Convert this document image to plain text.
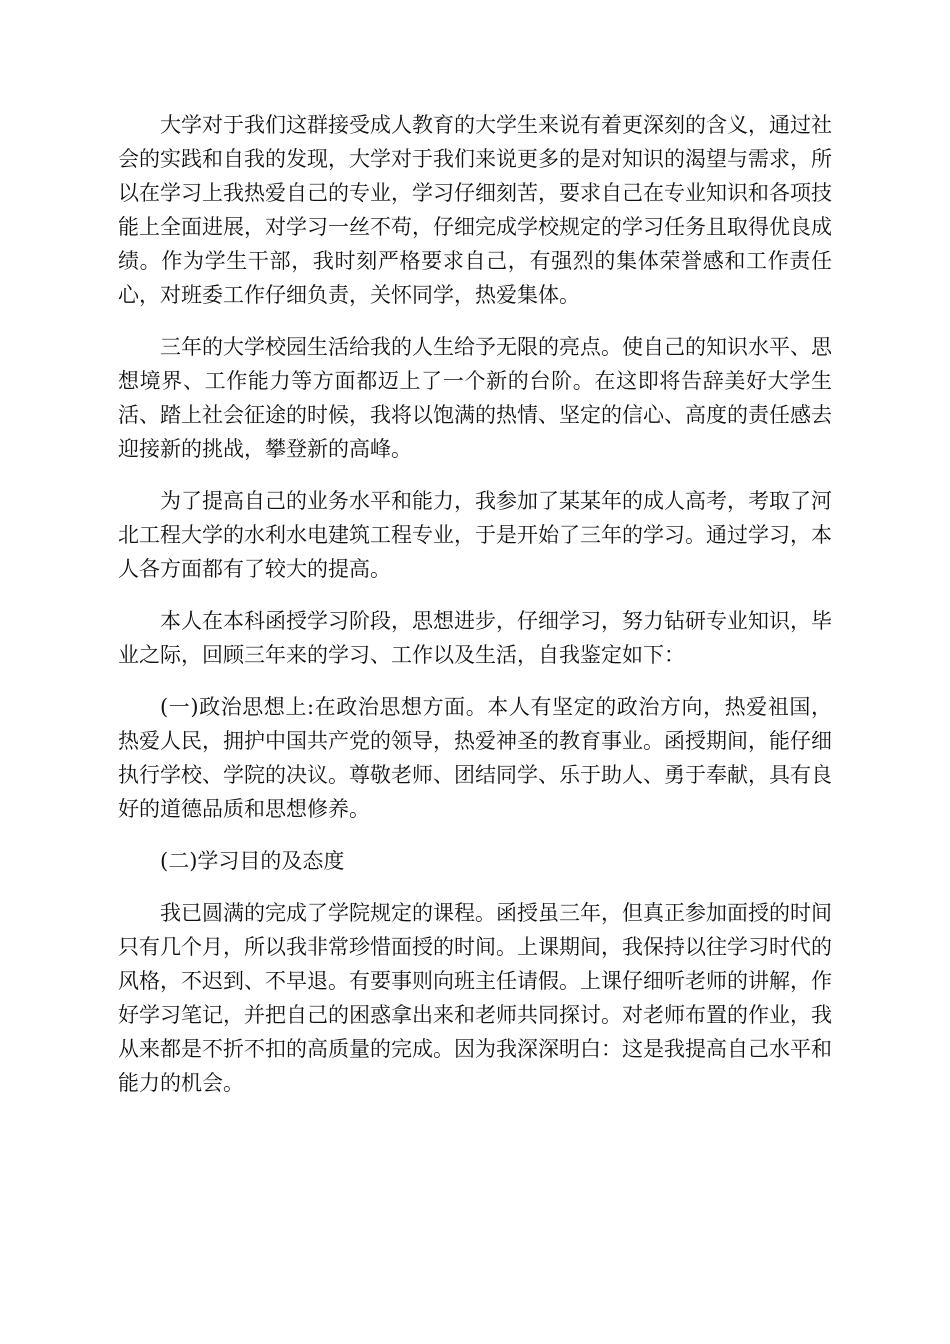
大学对于我们这群接受成人教育的大学生来说有着更深刻的含义，通过社会的实践和自我的发现，大学对于我们来说更多的是对知识的渴望与需求，所以在学习上我热爱自己的专业，学习仔细刻苦，要求自己在专业知识和各项技能上全面进展，对学习一丝不苟，仔细完成学校规定的学习任务且取得优良成绩。作为学生干部，我时刻严格要求自己，有强烈的集体荣誉感和工作责任心，对班委工作仔细负责，关怀同学，热爱集体。

三年的大学校园生活给我的人生给予无限的亮点。使自己的知识水平、思想境界、工作能力等方面都迈上了一个新的台阶。在这即将告辞美好大学生活、踏上社会征途的时候，我将以饱满的热情、坚定的信心、高度的责任感去迎接新的挑战，攀登新的高峰。

为了提高自己的业务水平和能力，我参加了某某年的成人高考，考取了河北工程大学的水利水电建筑工程专业，于是开始了三年的学习。通过学习，本人各方面都有了较大的提高。

本人在本科函授学习阶段，思想进步，仔细学习，努力钻研专业知识，毕业之际，回顾三年来的学习、工作以及生活，自我鉴定如下：

(一)政治思想上:在政治思想方面。本人有坚定的政治方向，热爱祖国，热爱人民，拥护中国共产党的领导，热爱神圣的教育事业。函授期间，能仔细执行学校、学院的决议。尊敬老师、团结同学、乐于助人、勇于奉献，具有良好的道德品质和思想修养。

(二)学习目的及态度

我已圆满的完成了学院规定的课程。函授虽三年，但真正参加面授的时间只有几个月，所以我非常珍惜面授的时间。上课期间，我保持以往学习时代的风格，不迟到、不早退。有要事则向班主任请假。上课仔细听老师的讲解，作好学习笔记，并把自己的困惑拿出来和老师共同探讨。对老师布置的作业，我从来都是不折不扣的高质量的完成。因为我深深明白：这是我提高自己水平和能力的机会。
